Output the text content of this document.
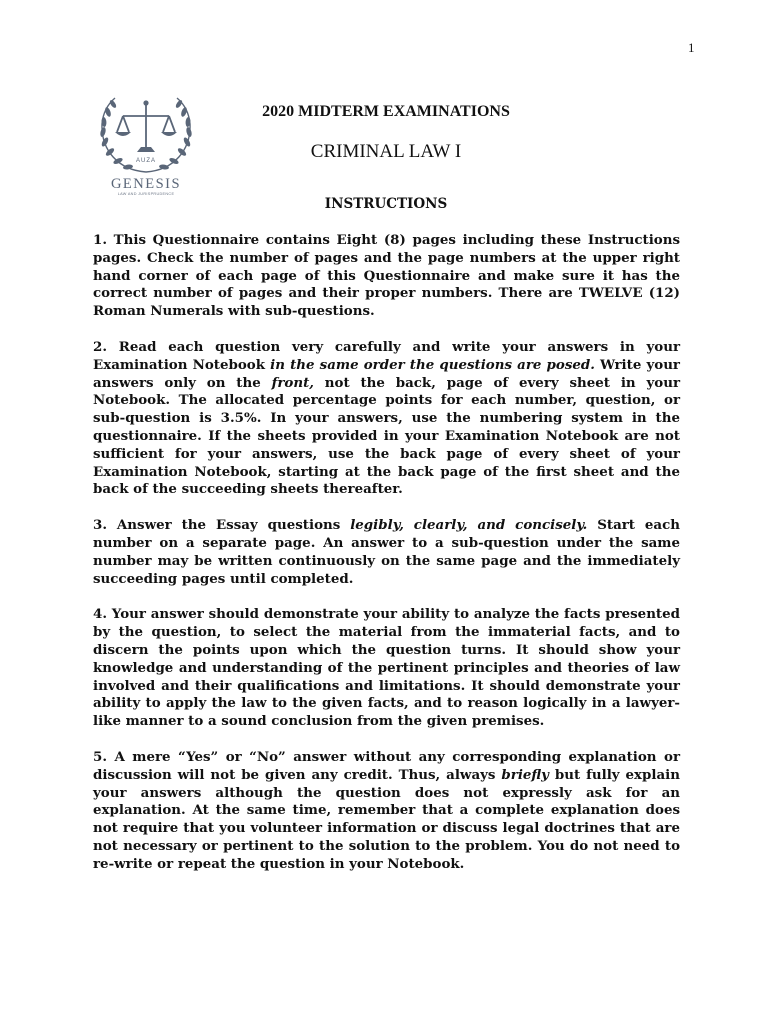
1
AUZA
GENESIS
LAW AND JURISPRUDENCE
2020 MIDTERM EXAMINATIONS
CRIMINAL LAW I
INSTRUCTIONS

1. This Questionnaire contains Eight (8) pages including these Instructions pages. Check the number of pages and the page numbers at the upper right hand corner of each page of this Questionnaire and make sure it has the correct number of pages and their proper numbers. There are TWELVE (12) Roman Numerals with sub-questions.

2. Read each question very carefully and write your answers in your Examination Notebook in the same order the questions are posed. Write your answers only on the front, not the back, page of every sheet in your Notebook. The allocated percentage points for each number, question, or sub-question is 3.5%. In your answers, use the numbering system in the questionnaire. If the sheets provided in your Examination Notebook are not sufficient for your answers, use the back page of every sheet of your Examination Notebook, starting at the back page of the first sheet and the back of the succeeding sheets thereafter.

3. Answer the Essay questions legibly, clearly, and concisely. Start each number on a separate page. An answer to a sub-question under the same number may be written continuously on the same page and the immediately succeeding pages until completed.

4. Your answer should demonstrate your ability to analyze the facts presented by the question, to select the material from the immaterial facts, and to discern the points upon which the question turns. It should show your knowledge and understanding of the pertinent principles and theories of law involved and their qualifications and limitations. It should demonstrate your ability to apply the law to the given facts, and to reason logically in a lawyer-like manner to a sound conclusion from the given premises.

5. A mere “Yes” or “No” answer without any corresponding explanation or discussion will not be given any credit. Thus, always briefly but fully explain your answers although the question does not expressly ask for an explanation. At the same time, remember that a complete explanation does not require that you volunteer information or discuss legal doctrines that are not necessary or pertinent to the solution to the problem. You do not need to re-write or repeat the question in your Notebook.
